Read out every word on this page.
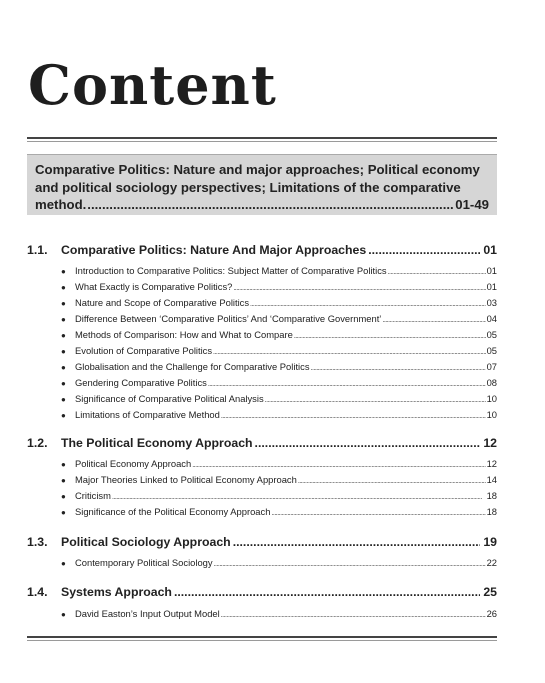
Content
Comparative Politics: Nature and major approaches; Political economy
and political sociology perspectives; Limitations of the comparative
method. .....	01-49
1.1.	Comparative Politics: Nature And Major Approaches .....	01
● Introduction to Comparative Politics: Subject Matter of Comparative Politics .....	01
● What Exactly is Comparative Politics? .....	01
● Nature and Scope of Comparative Politics .....	03
● Difference Between ‘Comparative Politics’ And ‘Comparative Government’ .....	04
● Methods of Comparison: How and What to Compare .....	05
● Evolution of Comparative Politics .....	05
● Globalisation and the Challenge for Comparative Politics .....	07
● Gendering Comparative Politics .....	08
● Significance of Comparative Political Analysis .....	10
● Limitations of Comparative Method .....	10
1.2.	The Political Economy Approach .....	12
● Political Economy Approach .....	12
● Major Theories Linked to Political Economy Approach .....	14
● Criticism .....	18
● Significance of the Political Economy Approach .....	18
1.3.	Political Sociology Approach .....	19
● Contemporary Political Sociology .....	22
1.4.	Systems Approach .....	25
● David Easton’s Input Output Model .....	26
